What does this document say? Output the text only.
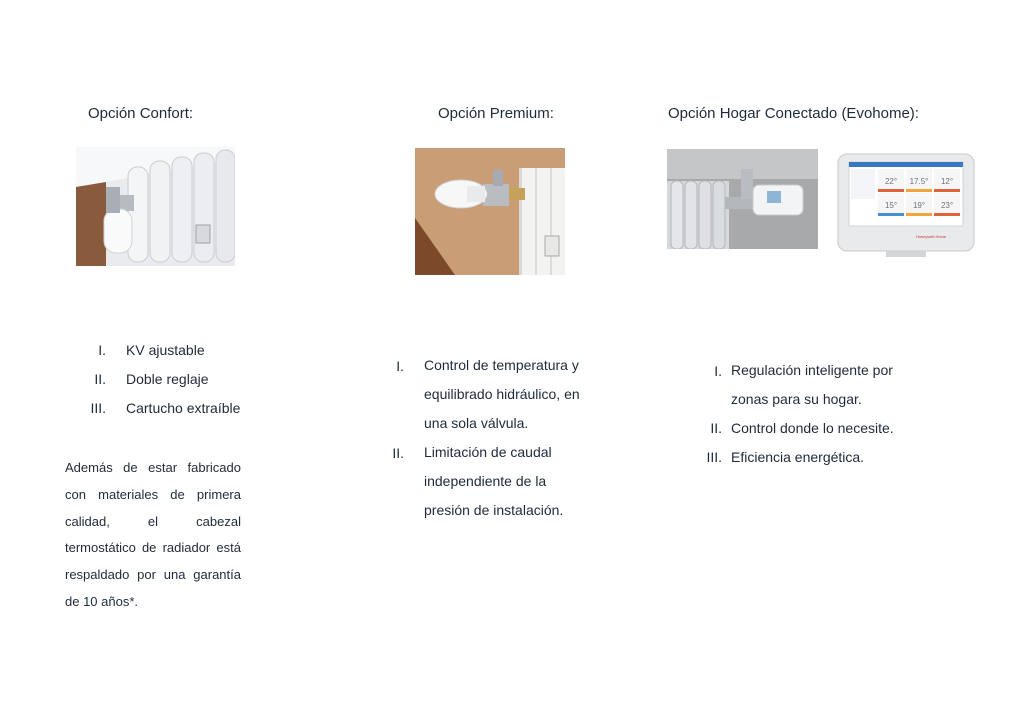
Opción Confort:
I. KV ajustable
II. Doble reglaje
III. Cartucho extraíble
Además de estar fabricado con materiales de primera calidad, el cabezal termostático de radiador está respaldado por una garantía de 10 años*.
Opción Premium:
I. Control de temperatura y
equilibrado hidráulico, en
una sola válvula.
II. Limitación de caudal
independiente de la
presión de instalación.
Opción Hogar Conectado (Evohome):
22° 17.5° 12°
15° 19° 23°
Honeywell Home
I. Regulación inteligente por
zonas para su hogar.
II. Control donde lo necesite.
III. Eficiencia energética.
